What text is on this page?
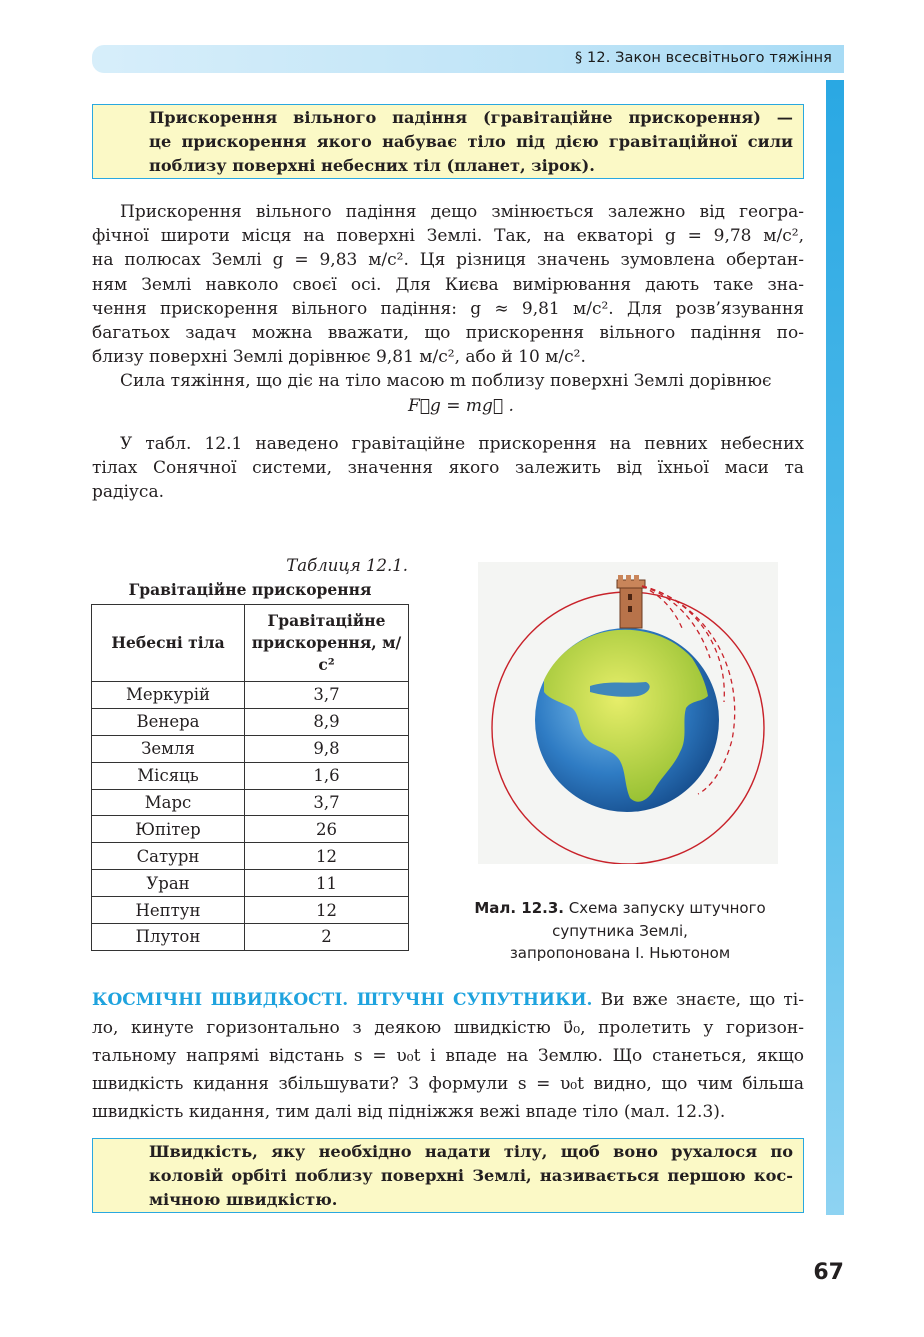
§ 12. Закон всесвітнього тяжіння
Прискорення вільного падіння (гравітаційне прискорення) —
це прискорення якого набуває тіло під дією гравітаційної сили
поблизу поверхні небесних тіл (планет, зірок).
Прискорення вільного падіння дещо змінюється залежно від геогра-
фічної широти місця на поверхні Землі. Так, на екваторі g = 9,78 м/с²,
на полюсах Землі g = 9,83 м/с². Ця різниця значень зумовлена обертан-
ням Землі навколо своєї осі. Для Києва вимірювання дають таке зна-
чення прискорення вільного падіння: g ≈ 9,81 м/с². Для розв’язування
багатьох задач можна вважати, що прискорення вільного падіння по-
близу поверхні Землі дорівнює 9,81 м/с², або й 10 м/с².
Сила тяжіння, що діє на тіло масою m поблизу поверхні Землі дорівнює
F⃗g = mg⃗ .
У табл. 12.1 наведено гравітаційне прискорення на певних небесних
тілах Сонячної системи, значення якого залежить від їхньої маси та
радіуса.
Таблиця 12.1.
Гравітаційне прискорення
Небесні тіла	Гравітаційне прискорення, м/с²
Меркурій	3,7
Венера	8,9
Земля	9,8
Місяць	1,6
Марс	3,7
Юпітер	26
Сатурн	12
Уран	11
Нептун	12
Плутон	2
Мал. 12.3. Схема запуску штучного
супутника Землі,
запропонована І. Ньютоном
КОСМІЧНІ ШВИДКОСТІ. ШТУЧНІ СУПУТНИКИ. Ви вже знаєте, що ті-
ло, кинуте горизонтально з деякою швидкістю υ⃗₀, пролетить у горизон-
тальному напрямі відстань s = υ₀t і впаде на Землю. Що станеться, якщо
швидкість кидання збільшувати? З формули s = υ₀t видно, що чим більша
швидкість кидання, тим далі від підніжжя вежі впаде тіло (мал. 12.3).
Швидкість, яку необхідно надати тілу, щоб воно рухалося по
коловій орбіті поблизу поверхні Землі, називається першою кос-
мічною швидкістю.
67
